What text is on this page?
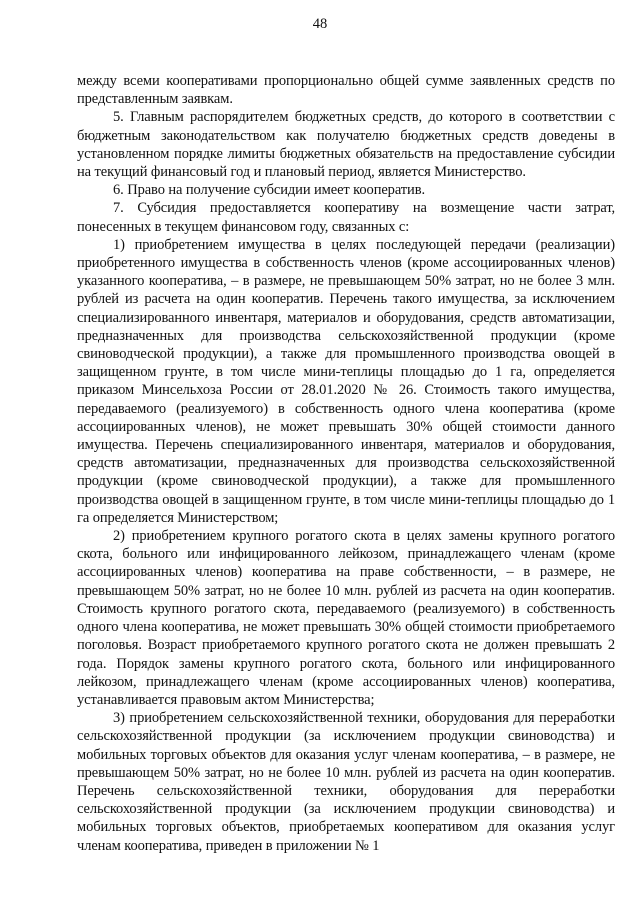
48

между всеми кооперативами пропорционально общей сумме заявленных средств по представленным заявкам.

5. Главным распорядителем бюджетных средств, до которого в соответствии с бюджетным законодательством как получателю бюджетных средств доведены в установленном порядке лимиты бюджетных обязательств на предоставление субсидии на текущий финансовый год и плановый период, является Министерство.

6. Право на получение субсидии имеет кооператив.

7. Субсидия предоставляется кооперативу на возмещение части затрат, понесенных в текущем финансовом году, связанных с:

1) приобретением имущества в целях последующей передачи (реализации) приобретенного имущества в собственность членов (кроме ассоциированных членов) указанного кооператива, – в размере, не превышающем 50% затрат, но не более 3 млн. рублей из расчета на один кооператив. Перечень такого имущества, за исключением специализированного инвентаря, материалов и оборудования, средств автоматизации, предназначенных для производства сельскохозяйственной продукции (кроме свиноводческой продукции), а также для промышленного производства овощей в защищенном грунте, в том числе мини-теплицы площадью до 1 га, определяется приказом Минсельхоза России от 28.01.2020 № 26. Стоимость такого имущества, передаваемого (реализуемого) в собственность одного члена кооператива (кроме ассоциированных членов), не может превышать 30% общей стоимости данного имущества. Перечень специализированного инвентаря, материалов и оборудования, средств автоматизации, предназначенных для производства сельскохозяйственной продукции (кроме свиноводческой продукции), а также для промышленного производства овощей в защищенном грунте, в том числе мини-теплицы площадью до 1 га определяется Министерством;

2) приобретением крупного рогатого скота в целях замены крупного рогатого скота, больного или инфицированного лейкозом, принадлежащего членам (кроме ассоциированных членов) кооператива на праве собственности, – в размере, не превышающем 50% затрат, но не более 10 млн. рублей из расчета на один кооператив. Стоимость крупного рогатого скота, передаваемого (реализуемого) в собственность одного члена кооператива, не может превышать 30% общей стоимости приобретаемого поголовья. Возраст приобретаемого крупного рогатого скота не должен превышать 2 года. Порядок замены крупного рогатого скота, больного или инфицированного лейкозом, принадлежащего членам (кроме ассоциированных членов) кооператива, устанавливается правовым актом Министерства;

3) приобретением сельскохозяйственной техники, оборудования для переработки сельскохозяйственной продукции (за исключением продукции свиноводства) и мобильных торговых объектов для оказания услуг членам кооператива, – в размере, не превышающем 50% затрат, но не более 10 млн. рублей из расчета на один кооператив. Перечень сельскохозяйственной техники, оборудования для переработки сельскохозяйственной продукции (за исключением продукции свиноводства) и мобильных торговых объектов, приобретаемых кооперативом для оказания услуг членам кооператива, приведен в приложении № 1
